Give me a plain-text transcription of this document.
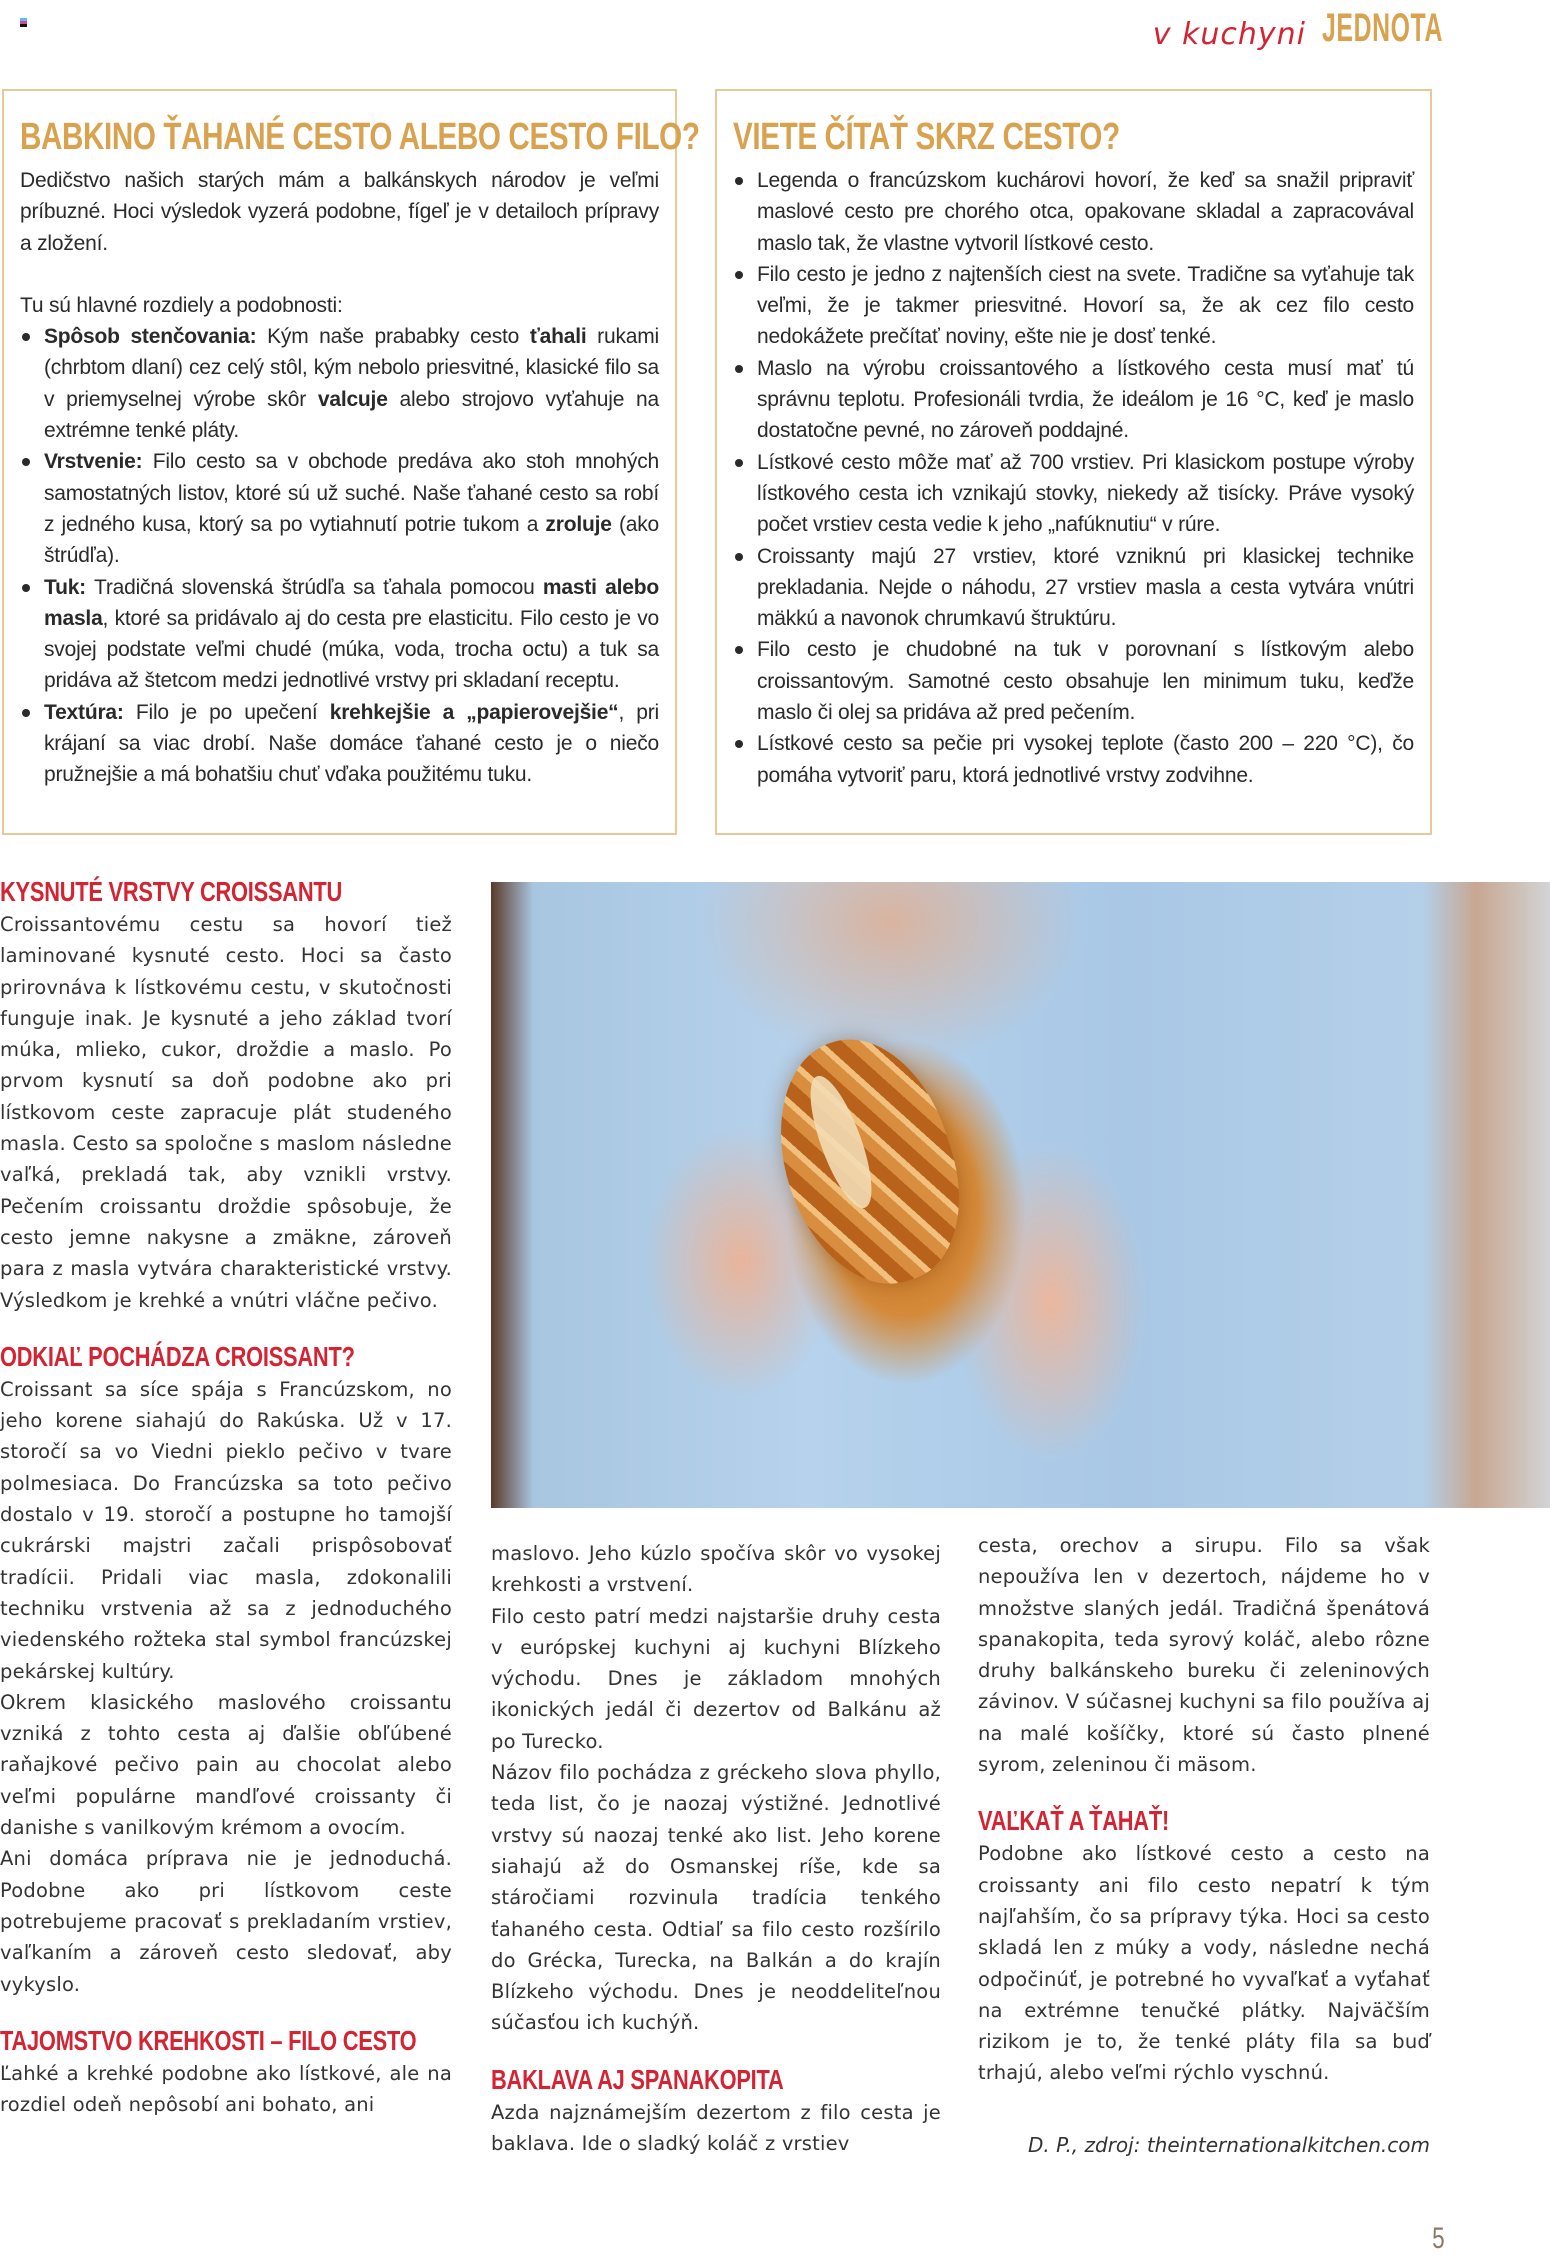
v kuchyni JEDNOTA
BABKINO ŤAHANÉ CESTO ALEBO CESTO FILO?
Dedičstvo našich starých mám a balkánskych národov je veľmi príbuzné. Hoci výsledok vyzerá podobne, fígeľ je v detailoch prípravy a zložení.
Tu sú hlavné rozdiely a podobnosti:
Spôsob stenčovania: Kým naše prababky cesto ťahali rukami (chrbtom dlaní) cez celý stôl, kým nebolo priesvitné, klasické filo sa v priemyselnej výrobe skôr valcuje alebo strojovo vyťahuje na extrémne tenké pláty.
Vrstvenie: Filo cesto sa v obchode predáva ako stoh mnohých samostatných listov, ktoré sú už suché. Naše ťahané cesto sa robí z jedného kusa, ktorý sa po vytiahnutí potrie tukom a zroluje (ako štrúdľa).
Tuk: Tradičná slovenská štrúdľa sa ťahala pomocou masti alebo masla, ktoré sa pridávalo aj do cesta pre elasticitu. Filo cesto je vo svojej podstate veľmi chudé (múka, voda, trocha octu) a tuk sa pridáva až štetcom medzi jednotlivé vrstvy pri skladaní receptu.
Textúra: Filo je po upečení krehkejšie a „papierovejšie“, pri krájaní sa viac drobí. Naše domáce ťahané cesto je o niečo pružnejšie a má bohatšiu chuť vďaka použitému tuku.
VIETE ČÍTAŤ SKRZ CESTO?
Legenda o francúzskom kuchárovi hovorí, že keď sa snažil pripraviť maslové cesto pre chorého otca, opakovane skladal a zapracovával maslo tak, že vlastne vytvoril lístkové cesto.
Filo cesto je jedno z najtenších ciest na svete. Tradične sa vyťahuje tak veľmi, že je takmer priesvitné. Hovorí sa, že ak cez filo cesto nedokážete prečítať noviny, ešte nie je dosť tenké.
Maslo na výrobu croissantového a lístkového cesta musí mať tú správnu teplotu. Profesionáli tvrdia, že ideálom je 16 °C, keď je maslo dostatočne pevné, no zároveň poddajné.
Lístkové cesto môže mať až 700 vrstiev. Pri klasickom postupe výroby lístkového cesta ich vznikajú stovky, niekedy až tisícky. Práve vysoký počet vrstiev cesta vedie k jeho „nafúknutiu“ v rúre.
Croissanty majú 27 vrstiev, ktoré vzniknú pri klasickej technike prekladania. Nejde o náhodu, 27 vrstiev masla a cesta vytvára vnútri mäkkú a navonok chrumkavú štruktúru.
Filo cesto je chudobné na tuk v porovnaní s lístkovým alebo croissantovým. Samotné cesto obsahuje len minimum tuku, keďže maslo či olej sa pridáva až pred pečením.
Lístkové cesto sa pečie pri vysokej teplote (často 200 – 220 °C), čo pomáha vytvoriť paru, ktorá jednotlivé vrstvy zodvihne.
KYSNUTÉ VRSTVY CROISSANTU

Croissantovému cestu sa hovorí tiež laminované kysnuté cesto. Hoci sa často prirovnáva k lístkovému cestu, v skutočnosti funguje inak. Je kysnuté a jeho základ tvorí múka, mlieko, cukor, droždie a maslo. Po prvom kysnutí sa doň podobne ako pri lístkovom ceste zapracuje plát studeného masla. Cesto sa spoločne s maslom následne vaľká, prekladá tak, aby vznikli vrstvy. Pečením croissantu droždie spôsobuje, že cesto jemne nakysne a zmäkne, zároveň para z masla vytvára charakteristické vrstvy. Výsledkom je krehké a vnútri vláčne pečivo.

ODKIAĽ POCHÁDZA CROISSANT?

Croissant sa síce spája s Francúzskom, no jeho korene siahajú do Rakúska. Už v 17. storočí sa vo Viedni pieklo pečivo v tvare polmesiaca. Do Francúzska sa toto pečivo dostalo v 19. storočí a postupne ho tamojší cukrárski majstri začali prispôsobovať tradícii. Pridali viac masla, zdokonalili techniku vrstvenia až sa z jednoduchého viedenského rožteka stal symbol francúzskej pekárskej kultúry.

Okrem klasického maslového croissantu vzniká z tohto cesta aj ďalšie obľúbené raňajkové pečivo pain au chocolat alebo veľmi populárne mandľové croissanty či danishe s vanilkovým krémom a ovocím.

Ani domáca príprava nie je jednoduchá. Podobne ako pri lístkovom ceste potrebujeme pracovať s prekladaním vrstiev, vaľkaním a zároveň cesto sledovať, aby vykyslo.

TAJOMSTVO KREHKOSTI – FILO CESTO

Ľahké a krehké podobne ako lístkové, ale na rozdiel odeň nepôsobí ani bohato, ani

maslovo. Jeho kúzlo spočíva skôr vo vysokej krehkosti a vrstvení.

Filo cesto patrí medzi najstaršie druhy cesta v európskej kuchyni aj kuchyni Blízkeho východu. Dnes je základom mnohých ikonických jedál či dezertov od Balkánu až po Turecko.

Názov filo pochádza z gréckeho slova phyllo, teda list, čo je naozaj výstižné. Jednotlivé vrstvy sú naozaj tenké ako list. Jeho korene siahajú až do Osmanskej ríše, kde sa stáročiami rozvinula tradícia tenkého ťahaného cesta. Odtiaľ sa filo cesto rozšírilo do Grécka, Turecka, na Balkán a do krajín Blízkeho východu. Dnes je neoddeliteľnou súčasťou ich kuchýň.

BAKLAVA AJ SPANAKOPITA

Azda najznámejším dezertom z filo cesta je baklava. Ide o sladký koláč z vrstiev

cesta, orechov a sirupu. Filo sa však nepoužíva len v dezertoch, nájdeme ho v množstve slaných jedál. Tradičná špenátová spanakopita, teda syrový koláč, alebo rôzne druhy balkánskeho bureku či zeleninových závinov. V súčasnej kuchyni sa filo používa aj na malé košíčky, ktoré sú často plnené syrom, zeleninou či mäsom.

VAĽKAŤ A ŤAHAŤ!

Podobne ako lístkové cesto a cesto na croissanty ani filo cesto nepatrí k tým najľahším, čo sa prípravy týka. Hoci sa cesto skladá len z múky a vody, následne nechá odpočinúť, je potrebné ho vyvaľkať a vyťahať na extrémne tenučké plátky. Najväčším rizikom je to, že tenké pláty fila sa buď trhajú, alebo veľmi rýchlo vyschnú.

D. P., zdroj: theinternationalkitchen.com
5
